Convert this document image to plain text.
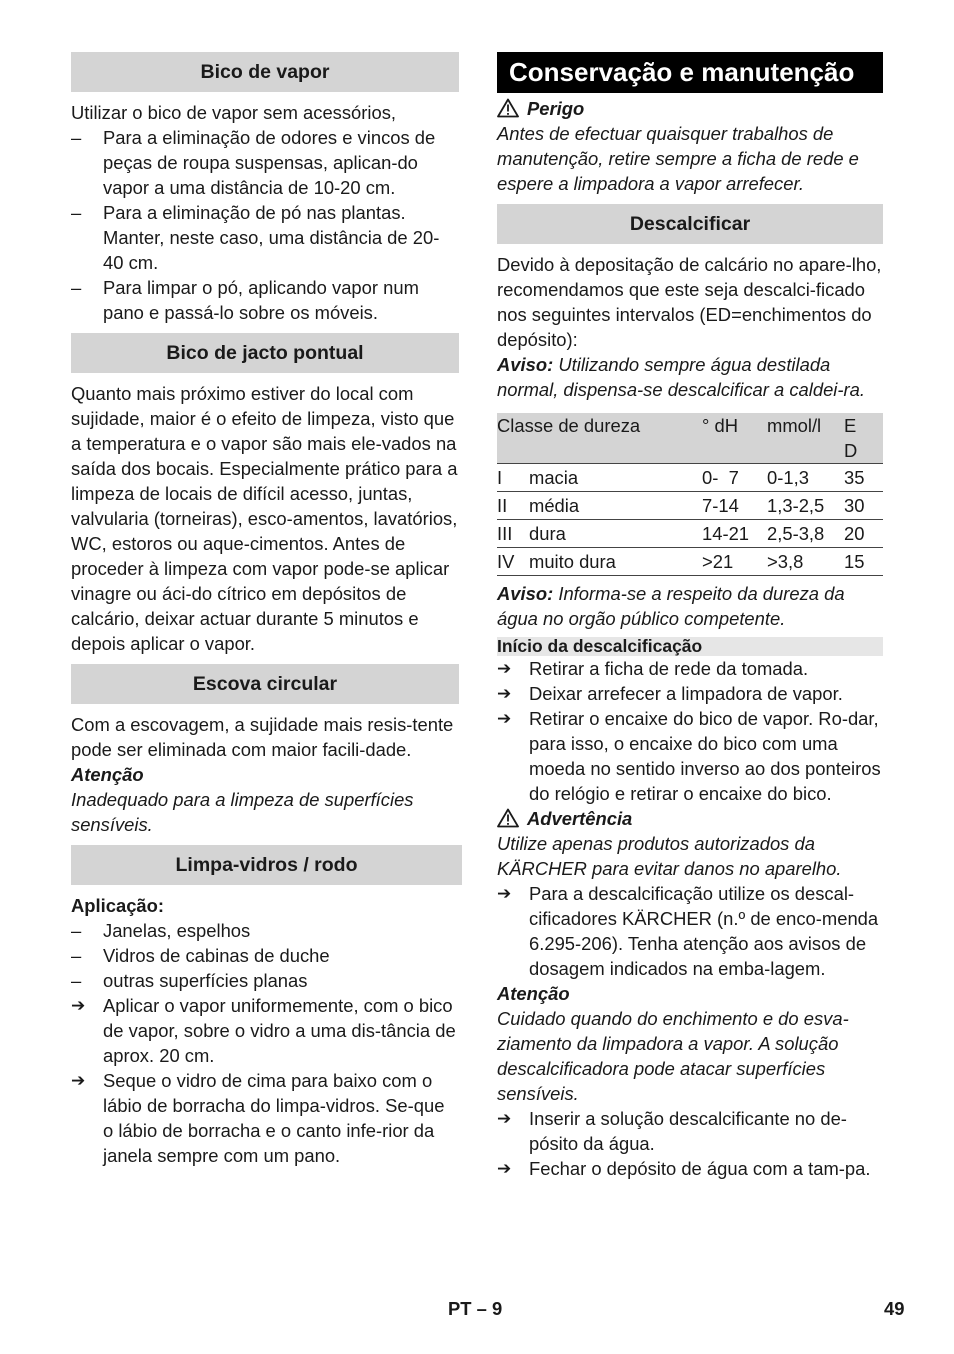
Bico de vapor

Utilizar o bico de vapor sem acessórios,

–	Para a eliminação de odores e vincos de peças de roupa suspensas, aplican-do vapor a uma distância de 10-20 cm.
–	Para a eliminação de pó nas plantas. Manter, neste caso, uma distância de 20-40 cm.
–	Para limpar o pó, aplicando vapor num pano e passá-lo sobre os móveis.
Bico de jacto pontual

Quanto mais próximo estiver do local com sujidade, maior é o efeito de limpeza, visto que a temperatura e o vapor são mais ele-vados na saída dos bocais. Especialmente prático para a limpeza de locais de difícil acesso, juntas, valvularia (torneiras), esco-amentos, lavatórios, WC, estoros ou aque-cimentos. Antes de proceder à limpeza com vapor pode-se aplicar vinagre ou áci-do cítrico em depósitos de calcário, deixar actuar durante 5 minutos e depois aplicar o vapor.

Escova circular

Com a escovagem, a sujidade mais resis-tente pode ser eliminada com maior facili-dade.

Atenção

Inadequado para a limpeza de superfícies sensíveis.

Limpa-vidros / rodo

Aplicação:

–	Janelas, espelhos
–	Vidros de cabinas de duche
–	outras superfícies planas
➔ Aplicar o vapor uniformemente, com o bico de vapor, sobre o vidro a uma dis-tância de aprox. 20 cm.
➔ Seque o vidro de cima para baixo com o lábio de borracha do limpa-vidros. Se-que o lábio de borracha e o canto infe-rior da janela sempre com um pano.
Conservação e manutenção

Perigo

Antes de efectuar quaisquer trabalhos de manutenção, retire sempre a ficha de rede e espere a limpadora a vapor arrefecer.

Descalcificar

Devido à depositação de calcário no apare-lho, recomendamos que este seja descalci-ficado nos seguintes intervalos (ED=enchimentos do depósito):

Aviso: Utilizando sempre água destilada normal, dispensa-se descalcificar a caldei-ra.

Classe de dureza		° dH	mmol/l	E D
I	macia	0-  7	0-1,3	35
II	média	7-14	1,3-2,5	30
III	dura	14-21	2,5-3,8	20
IV	muito dura	>21	>3,8	15

Aviso: Informa-se a respeito da dureza da água no orgão público competente.

Início da descalcificação
➔ Retirar a ficha de rede da tomada.
➔ Deixar arrefecer a limpadora de vapor.
➔ Retirar o encaixe do bico de vapor. Ro-dar, para isso, o encaixe do bico com uma moeda no sentido inverso ao dos ponteiros do relógio e retirar o encaixe do bico.

Advertência

Utilize apenas produtos autorizados da KÄRCHER para evitar danos no aparelho.

➔ Para a descalcificação utilize os descal-cificadores KÄRCHER (n.º de enco-menda 6.295-206). Tenha atenção aos avisos de dosagem indicados na emba-lagem.

Atenção

Cuidado quando do enchimento e do esva-ziamento da limpadora a vapor. A solução descalcificadora pode atacar superfícies sensíveis.

➔ Inserir a solução descalcificante no de-pósito da água.
➔ Fechar o depósito de água com a tam-pa.
PT – 9	49
